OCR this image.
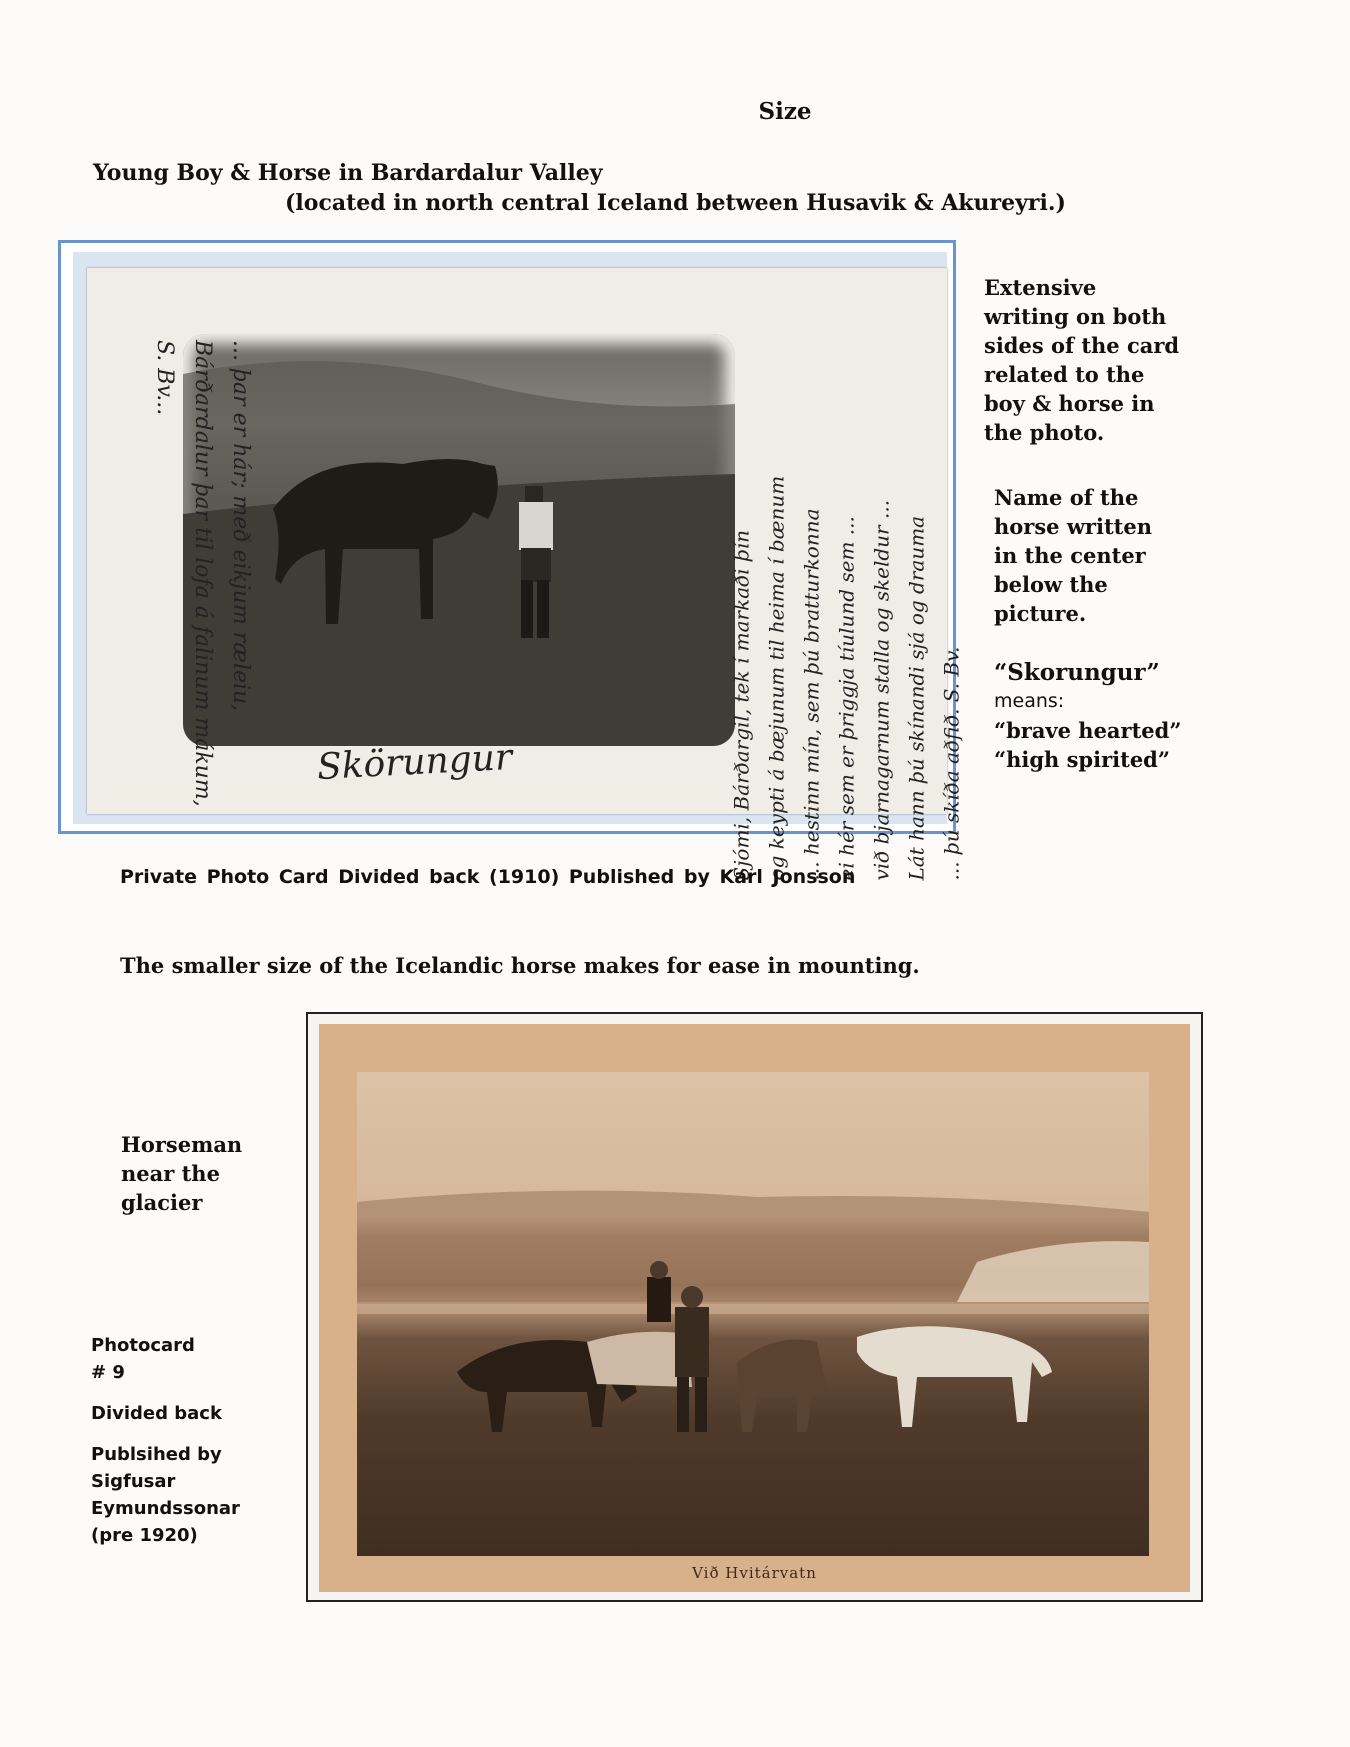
Size
Young Boy & Horse in Bardardalur Valley
(located in north central Iceland between Husavik & Akureyri.)
Skörungur
... þar er hár; með eikjum ræleiu,
Bárðardalur þar til lofa á falinum mákum,
S. Bv...
Sjómi, Bárðargil, tek í markaði þín og keypti á bæjunum til heima í bænum ... hestinn mín, sem þú bratturkonna ei hér sem er þriggja tíulund sem ... við bjarnagarnum stalla og skeldur ... Lát hann þú skínandi sjá og drauma ... þú skíða aðfið. S. Bv.
Extensive
writing on both
sides of the card
related to the
boy & horse in
the photo.
Name of the
horse written
in the center
below the
picture.
“Skorungur”
means:
“brave hearted”
“high spirited”
Private Photo Card Divided back (1910) Published by Karl Jonsson
The smaller size of the Icelandic horse makes for ease in mounting.
Við Hvitárvatn
Horseman
near the
glacier
Photocard
# 9
Divided back
Publsihed by
Sigfusar
Eymundssonar
(pre 1920)
